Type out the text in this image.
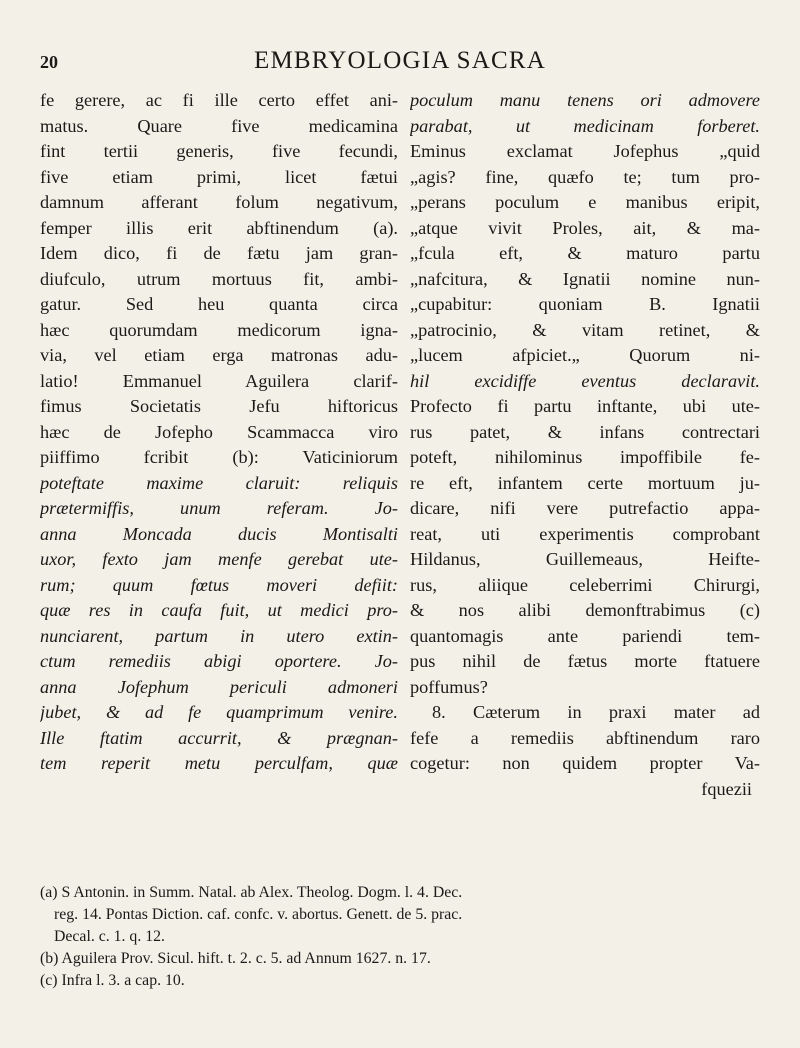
20	EMBRYOLOGIA SACRA
fe gerere, ac fi ille certo effet ani-
matus. Quare five medicamina
fint tertii generis, five fecundi,
five etiam primi, licet fætui
damnum afferant folum negativum,
femper illis erit abftinendum (a).
Idem dico, fi de fætu jam gran-
diufculo, utrum mortuus fit, ambi-
gatur. Sed heu quanta circa
hæc quorumdam medicorum igna-
via, vel etiam erga matronas adu-
latio! Emmanuel Aguilera clarif-
fimus Societatis Jefu hiftoricus
hæc de Jofepho Scammacca viro
piiffimo fcribit (b): Vaticiniorum
poteftate maxime claruit: reliquis
prætermiffis, unum referam. Jo-
anna Moncada ducis Montisalti
uxor, fexto jam menfe gerebat ute-
rum; quum fœtus moveri defiit:
quæ res in caufa fuit, ut medici pro-
nunciarent, partum in utero extin-
ctum remediis abigi oportere. Jo-
anna Jofephum periculi admoneri
jubet, & ad fe quamprimum venire.
Ille ftatim accurrit, & prægnan-
tem reperit metu perculfam, quæ
poculum manu tenens ori admovere
parabat, ut medicinam forberet.
Eminus exclamat Jofephus „quid
„agis? fine, quæfo te; tum pro-
„perans poculum e manibus eripit,
„atque vivit Proles, ait, & ma-
„fcula eft, & maturo partu
„nafcitura, & Ignatii nomine nun-
„cupabitur: quoniam B. Ignatii
„patrocinio, & vitam retinet, &
„lucem afpiciet.„ Quorum ni-
hil excidiffe eventus declaravit.
Profecto fi partu inftante, ubi ute-
rus patet, & infans contrectari
poteft, nihilominus impoffibile fe-
re eft, infantem certe mortuum ju-
dicare, nifi vere putrefactio appa-
reat, uti experimentis comprobant
Hildanus, Guillemeaus, Heifte-
rus, aliique celeberrimi Chirurgi,
& nos alibi demonftrabimus (c)
quantomagis ante pariendi tem-
pus nihil de fætus morte ftatuere
poffumus?
8. Cæterum in praxi mater ad
fefe a remediis abftinendum raro
cogetur: non quidem propter Va-
fquezii
(a) S Antonin. in Summ. Natal. ab Alex. Theolog. Dogm. l. 4. Dec.
reg. 14. Pontas Diction. caf. confc. v. abortus. Genett. de 5. prac.
Decal. c. 1. q. 12.
(b) Aguilera Prov. Sicul. hift. t. 2. c. 5. ad Annum 1627. n. 17.
(c) Infra l. 3. a cap. 10.
